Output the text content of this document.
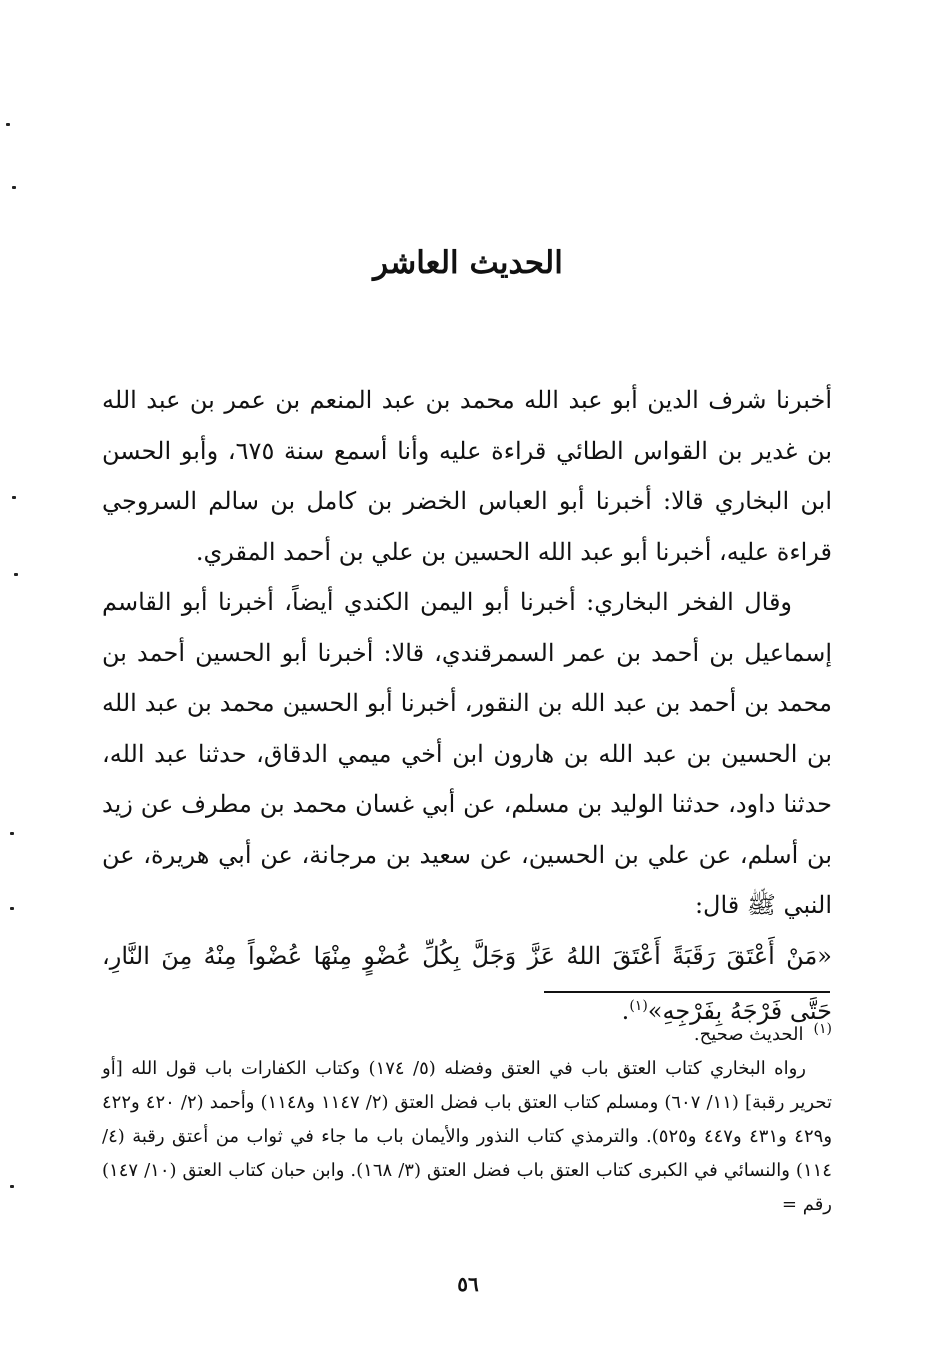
الحديث العاشر

أخبرنا شرف الدين أبو عبد الله محمد بن عبد المنعم بن عمر بن عبد الله بن غدير بن القواس الطائي قراءة عليه وأنا أسمع سنة ٦٧٥، وأبو الحسن ابن البخاري قالا: أخبرنا أبو العباس الخضر بن كامل بن سالم السروجي قراءة عليه، أخبرنا أبو عبد الله الحسين بن علي بن أحمد المقري.

وقال الفخر البخاري: أخبرنا أبو اليمن الكندي أيضاً، أخبرنا أبو القاسم إسماعيل بن أحمد بن عمر السمرقندي، قالا: أخبرنا أبو الحسين أحمد بن محمد بن أحمد بن عبد الله بن النقور، أخبرنا أبو الحسين محمد بن عبد الله بن الحسين بن عبد الله بن هارون ابن أخي ميمي الدقاق، حدثنا عبد الله، حدثنا داود، حدثنا الوليد بن مسلم، عن أبي غسان محمد بن مطرف عن زيد بن أسلم، عن علي بن الحسين، عن سعيد بن مرجانة، عن أبي هريرة، عن النبي ﷺ قال:

«مَنْ أَعْتَقَ رَقَبَةً أَعْتَقَ اللهُ عَزَّ وَجَلَّ بِكُلِّ عُضْوٍ مِنْهَا عُضْواً مِنْهُ مِنَ النَّارِ، حَتَّى فَرْجَهُ بِفَرْجِهِ»$^{(١)}$.

$^{(١)}$الحديث صحيح.

رواه البخاري كتاب العتق باب في العتق وفضله (٥/ ١٧٤) وكتاب الكفارات باب قول الله [أو تحرير رقبة] (١١/ ٦٠٧) ومسلم كتاب العتق باب فضل العتق (٢/ ١١٤٧ و١١٤٨) وأحمد (٢/ ٤٢٠ و٤٢٢ و٤٢٩ و٤٣١ و٤٤٧ و٥٢٥). والترمذي كتاب النذور والأيمان باب ما جاء في ثواب من أعتق رقبة (٤/ ١١٤) والنسائي في الكبرى كتاب العتق باب فضل العتق (٣/ ١٦٨). وابن حبان كتاب العتق (١٠/ ١٤٧) رقم =

٥٦
